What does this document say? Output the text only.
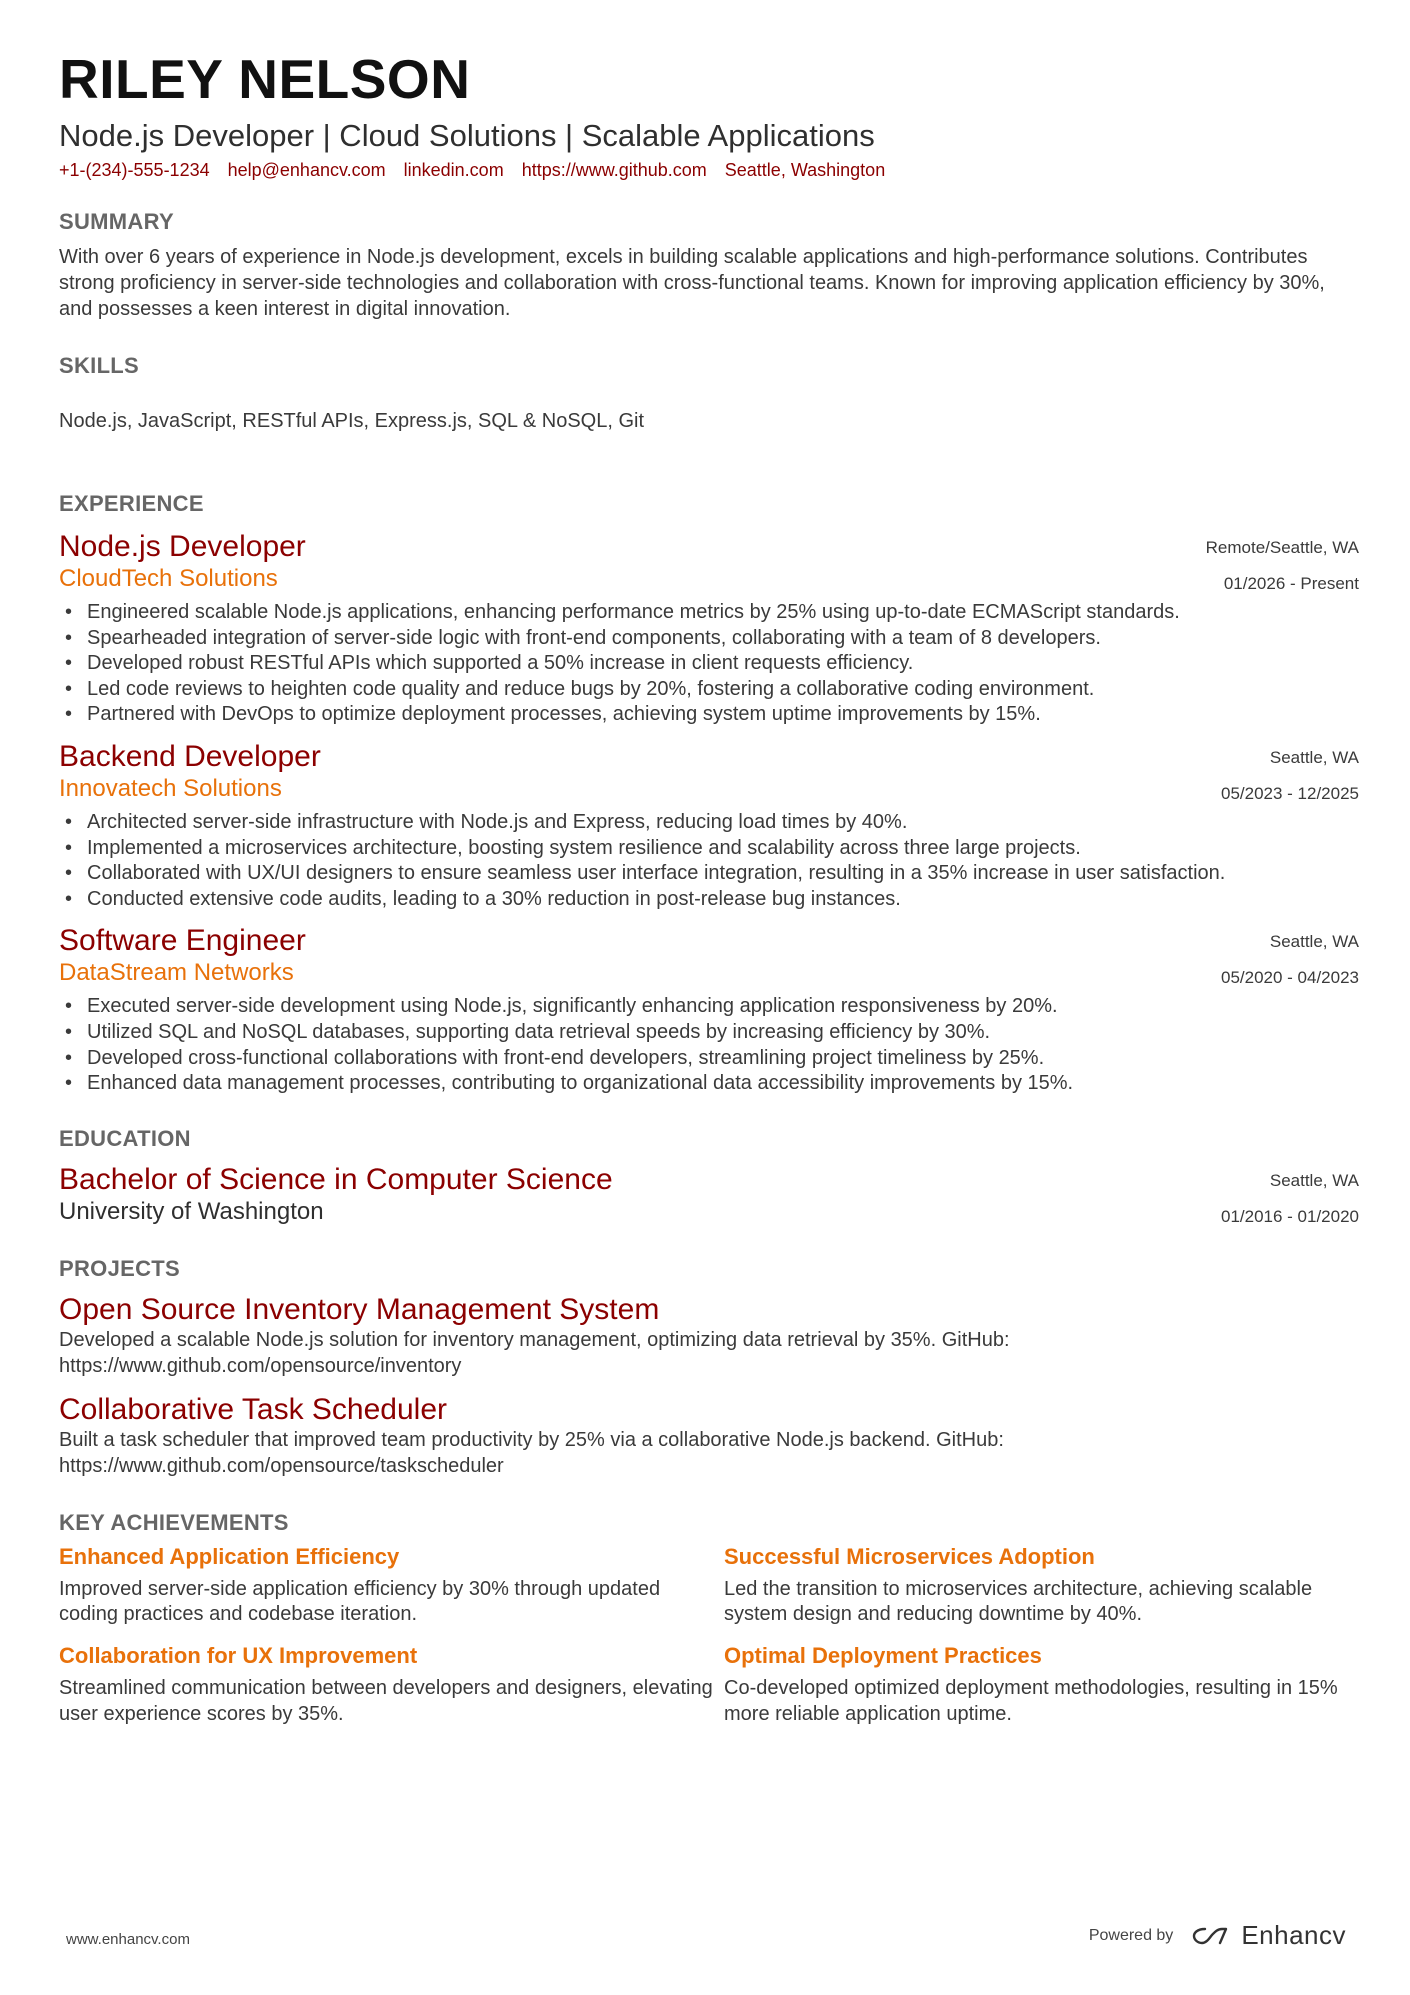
RILEY NELSON
Node.js Developer | Cloud Solutions | Scalable Applications
+1-(234)-555-1234 help@enhancv.com linkedin.com https://www.github.com Seattle, Washington
SUMMARY
With over 6 years of experience in Node.js development, excels in building scalable applications and high-performance solutions. Contributes strong proficiency in server-side technologies and collaboration with cross-functional teams. Known for improving application efficiency by 30%, and possesses a keen interest in digital innovation.
SKILLS
Node.js, JavaScript, RESTful APIs, Express.js, SQL & NoSQL, Git
EXPERIENCE
Node.js Developer
CloudTech Solutions
Remote/Seattle, WA
01/2026 - Present
• Engineered scalable Node.js applications, enhancing performance metrics by 25% using up-to-date ECMAScript standards.
• Spearheaded integration of server-side logic with front-end components, collaborating with a team of 8 developers.
• Developed robust RESTful APIs which supported a 50% increase in client requests efficiency.
• Led code reviews to heighten code quality and reduce bugs by 20%, fostering a collaborative coding environment.
• Partnered with DevOps to optimize deployment processes, achieving system uptime improvements by 15%.
Backend Developer
Innovatech Solutions
Seattle, WA
05/2023 - 12/2025
• Architected server-side infrastructure with Node.js and Express, reducing load times by 40%.
• Implemented a microservices architecture, boosting system resilience and scalability across three large projects.
• Collaborated with UX/UI designers to ensure seamless user interface integration, resulting in a 35% increase in user satisfaction.
• Conducted extensive code audits, leading to a 30% reduction in post-release bug instances.
Software Engineer
DataStream Networks
Seattle, WA
05/2020 - 04/2023
• Executed server-side development using Node.js, significantly enhancing application responsiveness by 20%.
• Utilized SQL and NoSQL databases, supporting data retrieval speeds by increasing efficiency by 30%.
• Developed cross-functional collaborations with front-end developers, streamlining project timeliness by 25%.
• Enhanced data management processes, contributing to organizational data accessibility improvements by 15%.
EDUCATION
Bachelor of Science in Computer Science
University of Washington
Seattle, WA
01/2016 - 01/2020
PROJECTS
Open Source Inventory Management System
Developed a scalable Node.js solution for inventory management, optimizing data retrieval by 35%. GitHub: https://www.github.com/opensource/inventory
Collaborative Task Scheduler
Built a task scheduler that improved team productivity by 25% via a collaborative Node.js backend. GitHub: https://www.github.com/opensource/taskscheduler
KEY ACHIEVEMENTS
Enhanced Application Efficiency
Improved server-side application efficiency by 30% through updated coding practices and codebase iteration.
Successful Microservices Adoption
Led the transition to microservices architecture, achieving scalable system design and reducing downtime by 40%.
Collaboration for UX Improvement
Streamlined communication between developers and designers, elevating user experience scores by 35%.
Optimal Deployment Practices
Co-developed optimized deployment methodologies, resulting in 15% more reliable application uptime.
www.enhancv.com	Powered by	Enhancv
